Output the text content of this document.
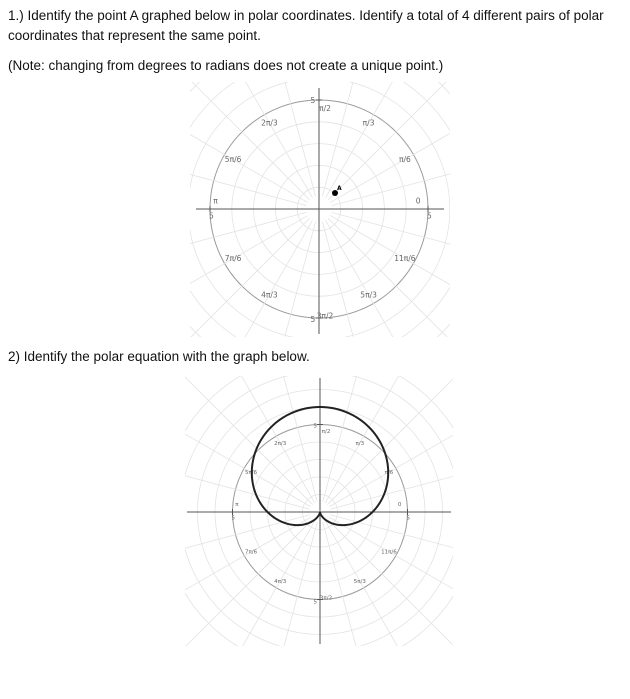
1.) Identify the point A graphed below in polar coordinates. Identify a total of 4 different pairs of polar coordinates that represent the same point.

(Note: changing from degrees to radians does not create a unique point.)

5
5
5
5
0
π/6
π/3
π/2
2π/3
5π/6
π
7π/6
4π/3
3π/2
5π/3
11π/6
A

2) Identify the polar equation with the graph below.

5
5
5
5
0
π/6
π/3
π/2
2π/3
5π/6
π
7π/6
4π/3
3π/2
5π/3
11π/6
